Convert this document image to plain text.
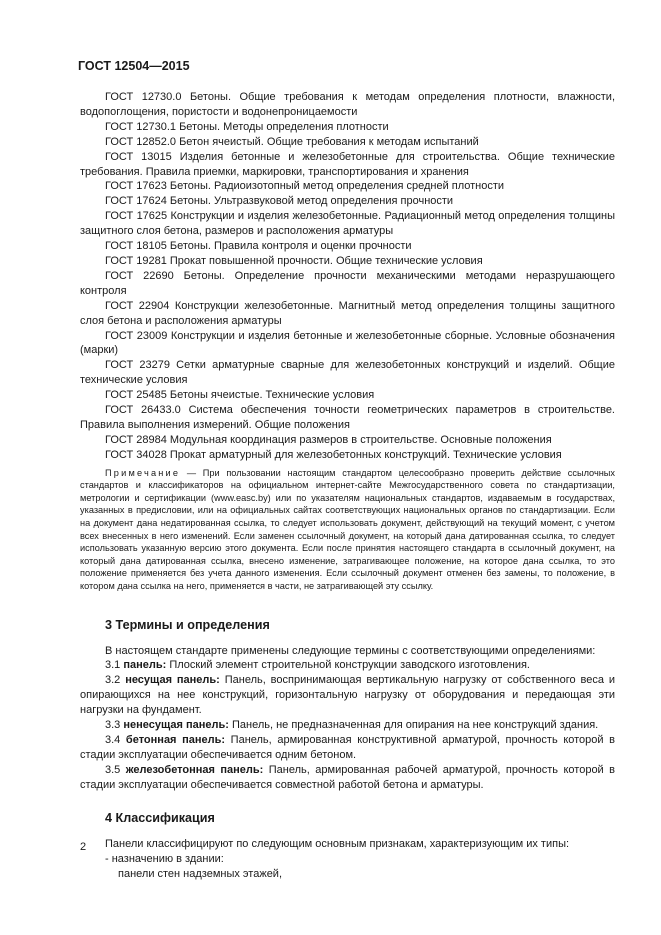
ГОСТ 12504—2015

ГОСТ 12730.0 Бетоны. Общие требования к методам определения плотности, влажности, водопоглощения, пористости и водонепроницаемости

ГОСТ 12730.1 Бетоны. Методы определения плотности

ГОСТ 12852.0 Бетон ячеистый. Общие требования к методам испытаний

ГОСТ 13015 Изделия бетонные и железобетонные для строительства. Общие технические требования. Правила приемки, маркировки, транспортирования и хранения

ГОСТ 17623 Бетоны. Радиоизотопный метод определения средней плотности

ГОСТ 17624 Бетоны. Ультразвуковой метод определения прочности

ГОСТ 17625 Конструкции и изделия железобетонные. Радиационный метод определения толщины защитного слоя бетона, размеров и расположения арматуры

ГОСТ 18105 Бетоны. Правила контроля и оценки прочности

ГОСТ 19281 Прокат повышенной прочности. Общие технические условия

ГОСТ 22690 Бетоны. Определение прочности механическими методами неразрушающего контроля

ГОСТ 22904 Конструкции железобетонные. Магнитный метод определения толщины защитного слоя бетона и расположения арматуры

ГОСТ 23009 Конструкции и изделия бетонные и железобетонные сборные. Условные обозначения (марки)

ГОСТ 23279 Сетки арматурные сварные для железобетонных конструкций и изделий. Общие технические условия

ГОСТ 25485 Бетоны ячеистые. Технические условия

ГОСТ 26433.0 Система обеспечения точности геометрических параметров в строительстве. Правила выполнения измерений. Общие положения

ГОСТ 28984 Модульная координация размеров в строительстве. Основные положения

ГОСТ 34028 Прокат арматурный для железобетонных конструкций. Технические условия

Примечание — При пользовании настоящим стандартом целесообразно проверить действие ссылочных стандартов и классификаторов на официальном интернет-сайте Межгосударственного совета по стандартизации, метрологии и сертификации (www.easc.by) или по указателям национальных стандартов, издаваемым в государствах, указанных в предисловии, или на официальных сайтах соответствующих национальных органов по стандартизации. Если на документ дана недатированная ссылка, то следует использовать документ, действующий на текущий момент, с учетом всех внесенных в него изменений. Если заменен ссылочный документ, на который дана датированная ссылка, то следует использовать указанную версию этого документа. Если после принятия настоящего стандарта в ссылочный документ, на который дана датированная ссылка, внесено изменение, затрагивающее положение, на которое дана ссылка, то это положение применяется без учета данного изменения. Если ссылочный документ отменен без замены, то положение, в котором дана ссылка на него, применяется в части, не затрагивающей эту ссылку.

3 Термины и определения

В настоящем стандарте применены следующие термины с соответствующими определениями:

3.1 панель: Плоский элемент строительной конструкции заводского изготовления.

3.2 несущая панель: Панель, воспринимающая вертикальную нагрузку от собственного веса и опирающихся на нее конструкций, горизонтальную нагрузку от оборудования и передающая эти нагрузки на фундамент.

3.3 ненесущая панель: Панель, не предназначенная для опирания на нее конструкций здания.

3.4 бетонная панель: Панель, армированная конструктивной арматурой, прочность которой в стадии эксплуатации обеспечивается одним бетоном.

3.5 железобетонная панель: Панель, армированная рабочей арматурой, прочность которой в стадии эксплуатации обеспечивается совместной работой бетона и арматуры.

4 Классификация

Панели классифицируют по следующим основным признакам, характеризующим их типы:

- назначению в здании:

панели стен надземных этажей,

2
